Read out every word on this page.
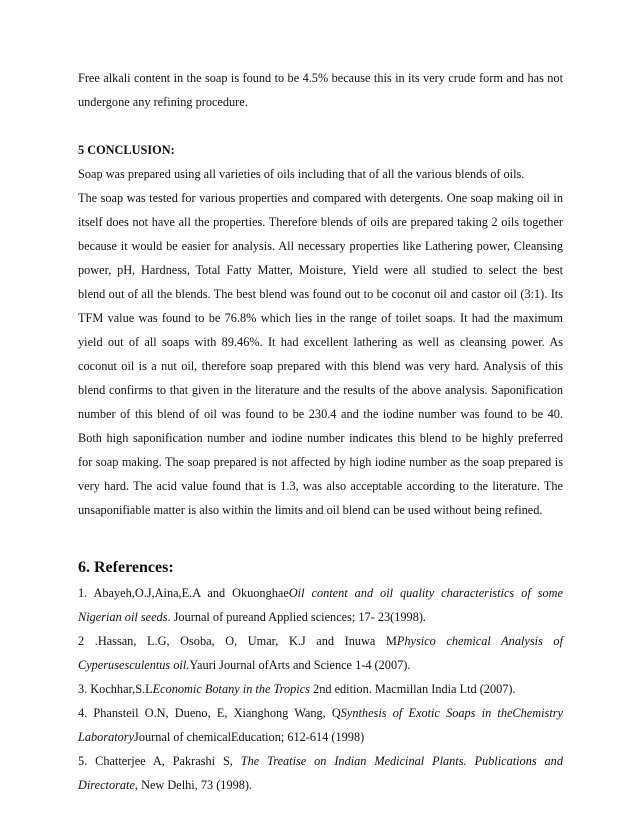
Free alkali content in the soap is found to be 4.5% because this in its very crude form and has not
undergone any refining procedure.
5 CONCLUSION:
Soap was prepared using all varieties of oils including that of all the various blends of oils.
The soap was tested for various properties and compared with detergents. One soap making oil in
itself does not have all the properties. Therefore blends of oils are prepared taking 2 oils together
because it would be easier for analysis. All necessary properties like Lathering power, Cleansing
power, pH, Hardness, Total Fatty Matter, Moisture, Yield were all studied to select the best
blend out of all the blends. The best blend was found out to be coconut oil and castor oil (3:1). Its
TFM value was found to be 76.8% which lies in the range of toilet soaps. It had the maximum
yield out of all soaps with 89.46%. It had excellent lathering as well as cleansing power. As
coconut oil is a nut oil, therefore soap prepared with this blend was very hard. Analysis of this
blend confirms to that given in the literature and the results of the above analysis. Saponification
number of this blend of oil was found to be 230.4 and the iodine number was found to be 40.
Both high saponification number and iodine number indicates this blend to be highly preferred
for soap making. The soap prepared is not affected by high iodine number as the soap prepared is
very hard. The acid value found that is 1.3, was also acceptable according to the literature. The
unsaponifiable matter is also within the limits and oil blend can be used without being refined.
6. References:
1. Abayeh,O.J,Aina,E.A and OkuonghaeOil content and oil quality characteristics of some
Nigerian oil seeds. Journal of pureand Applied sciences; 17- 23(1998).
2 .Hassan, L.G, Osoba, O, Umar, K.J and Inuwa MPhysico chemical Analysis of
Cyperusesculentus oil.Yauri Journal ofArts and Science 1-4 (2007).
3. Kochhar,S.LEconomic Botany in the Tropics 2nd edition. Macmillan India Ltd (2007).
4. Phansteil O.N, Dueno, E, Xianghong Wang, QSynthesis of Exotic Soaps in theChemistry
LaboratoryJournal of chemicalEducation; 612-614 (1998)
5. Chatterjee A, Pakrashi S, The Treatise on Indian Medicinal Plants. Publications and
Directorate, New Delhi, 73 (1998).
